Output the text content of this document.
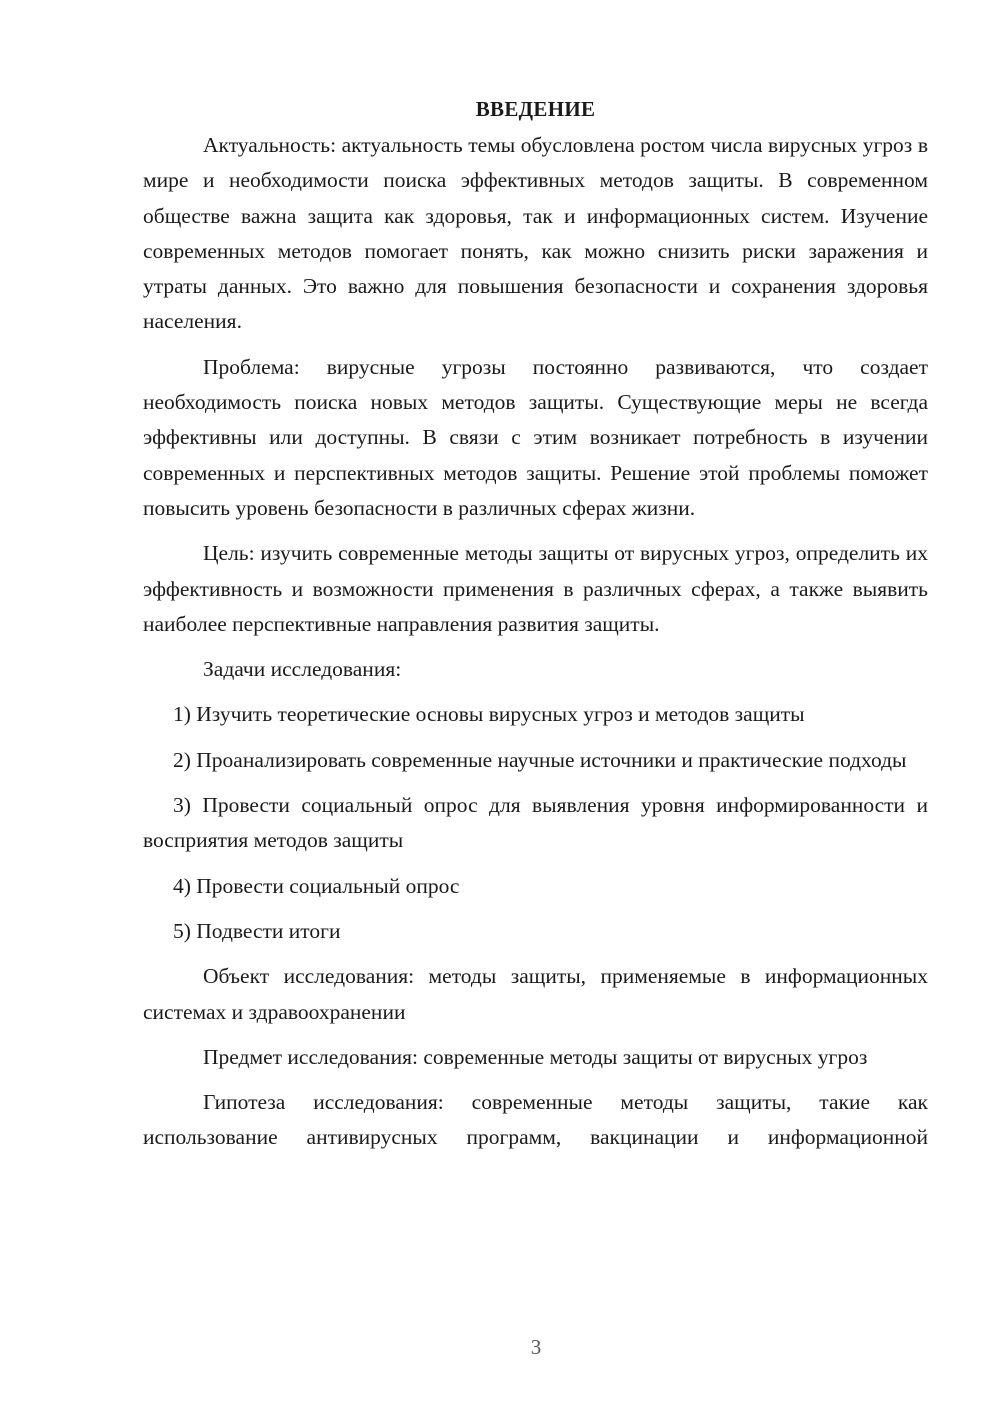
ВВЕДЕНИЕ

Актуальность: актуальность темы обусловлена ростом числа вирусных угроз в мире и необходимости поиска эффективных методов защиты. В современном обществе важна защита как здоровья, так и информационных систем. Изучение современных методов помогает понять, как можно снизить риски заражения и утраты данных. Это важно для повышения безопасности и сохранения здоровья населения.

Проблема: вирусные угрозы постоянно развиваются, что создает необходимость поиска новых методов защиты. Существующие меры не всегда эффективны или доступны. В связи с этим возникает потребность в изучении современных и перспективных методов защиты. Решение этой проблемы поможет повысить уровень безопасности в различных сферах жизни.

Цель: изучить современные методы защиты от вирусных угроз, определить их эффективность и возможности применения в различных сферах, а также выявить наиболее перспективные направления развития защиты.

Задачи исследования:

1) Изучить теоретические основы вирусных угроз и методов защиты

2) Проанализировать современные научные источники и практические подходы

3) Провести социальный опрос для выявления уровня информированности и восприятия методов защиты

4) Провести социальный опрос

5) Подвести итоги

Объект исследования: методы защиты, применяемые в информационных системах и здравоохранении

Предмет исследования: современные методы защиты от вирусных угроз

Гипотеза исследования: современные методы защиты, такие как использование антивирусных программ, вакцинации и информационной

3
